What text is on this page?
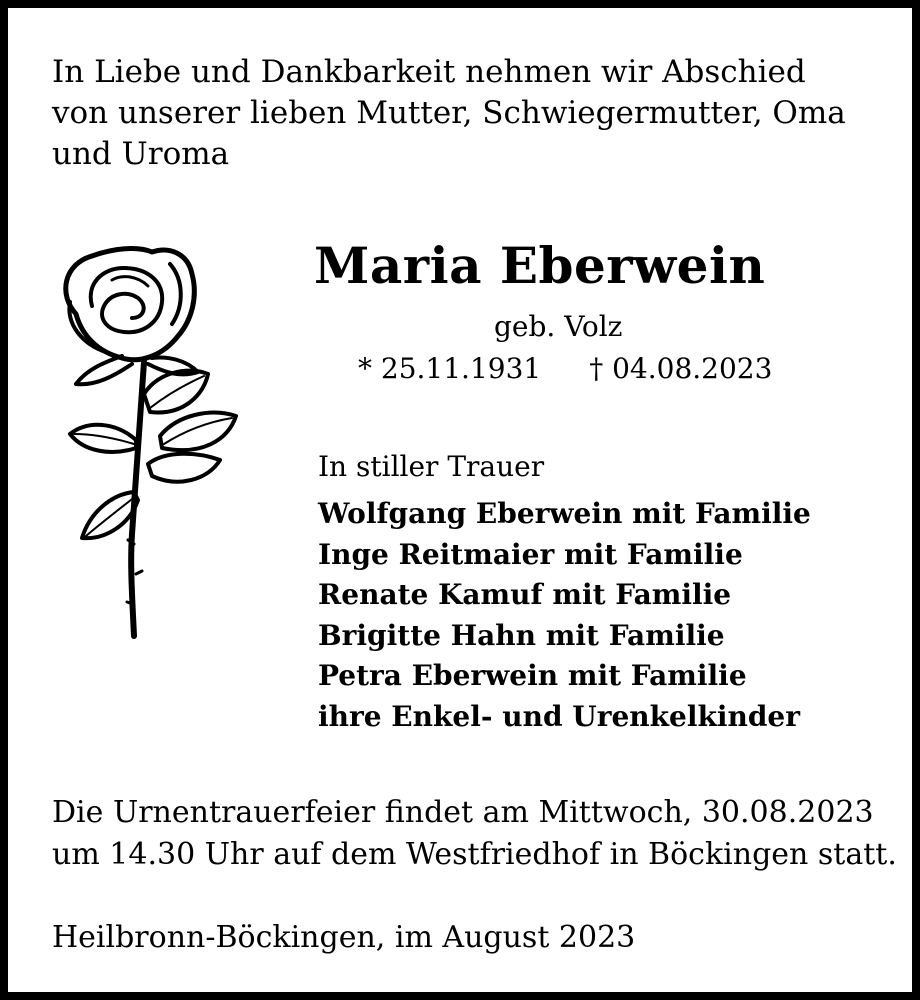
In Liebe und Dankbarkeit nehmen wir Abschied
von unserer lieben Mutter, Schwiegermutter, Oma
und Uroma
Maria Eberwein
geb. Volz
* 25.11.1931 † 04.08.2023
In stiller Trauer
Wolfgang Eberwein mit Familie
Inge Reitmaier mit Familie
Renate Kamuf mit Familie
Brigitte Hahn mit Familie
Petra Eberwein mit Familie
ihre Enkel- und Urenkelkinder
Die Urnentrauerfeier findet am Mittwoch, 30.08.2023
um 14.30 Uhr auf dem Westfriedhof in Böckingen statt.
Heilbronn-Böckingen, im August 2023
